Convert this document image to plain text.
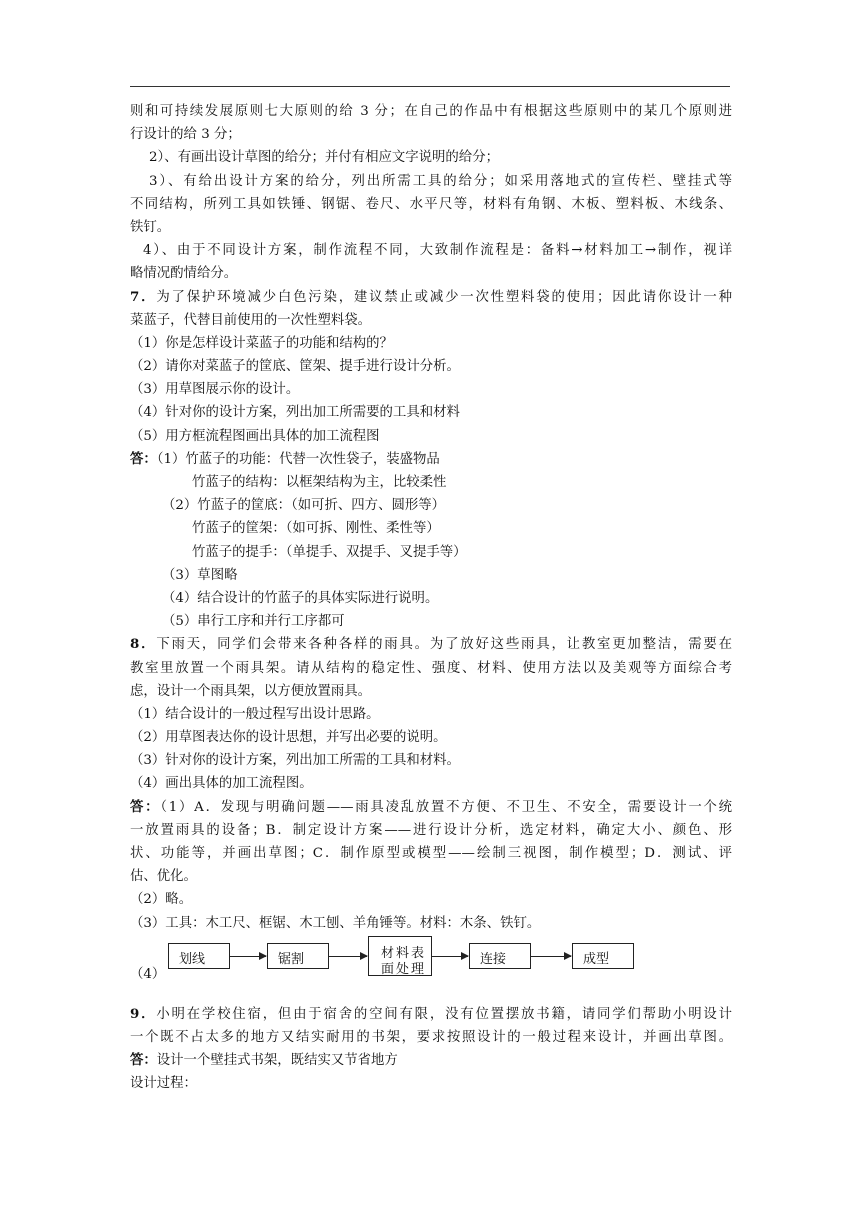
则和可持续发展原则七大原则的给 3 分；在自己的作品中有根据这些原则中的某几个原则进
行设计的给 3 分；
2）、有画出设计草图的给分；并付有相应文字说明的给分；
3）、有给出设计方案的给分，列出所需工具的给分；如采用落地式的宣传栏、壁挂式等
不同结构，所列工具如铁锤、钢锯、卷尺、水平尺等，材料有角钢、木板、塑料板、木线条、
铁钉。
4）、由于不同设计方案，制作流程不同，大致制作流程是：备料→材料加工→制作，视详
略情况酌情给分。
7．为了保护环境减少白色污染，建议禁止或减少一次性塑料袋的使用；因此请你设计一种
菜蓝子，代替目前使用的一次性塑料袋。
（1）你是怎样设计菜蓝子的功能和结构的？
（2）请你对菜蓝子的筐底、筐架、提手进行设计分析。
（3）用草图展示你的设计。
（4）针对你的设计方案，列出加工所需要的工具和材料
（5）用方框流程图画出具体的加工流程图
答：（1）竹蓝子的功能：代替一次性袋子，装盛物品
竹蓝子的结构：以框架结构为主，比较柔性
（2）竹蓝子的筐底：（如可折、四方、圆形等）
竹蓝子的筐架：（如可拆、刚性、柔性等）
竹蓝子的提手：（单提手、双提手、叉提手等）
（3）草图略
（4）结合设计的竹蓝子的具体实际进行说明。
（5）串行工序和并行工序都可
8．下雨天，同学们会带来各种各样的雨具。为了放好这些雨具，让教室更加整洁，需要在
教室里放置一个雨具架。请从结构的稳定性、强度、材料、使用方法以及美观等方面综合考
虑，设计一个雨具架，以方便放置雨具。
（1）结合设计的一般过程写出设计思路。
（2）用草图表达你的设计思想，并写出必要的说明。
（3）针对你的设计方案，列出加工所需的工具和材料。
（4）画出具体的加工流程图。
答：（1）A．发现与明确问题——雨具凌乱放置不方便、不卫生、不安全，需要设计一个统
一放置雨具的设备；B．制定设计方案——进行设计分析，选定材料，确定大小、颜色、形
状、功能等，并画出草图；C．制作原型或模型——绘制三视图，制作模型；D．测试、评
估、优化。
（2）略。
（3）工具：木工尺、框锯、木工刨、羊角锤等。材料：木条、铁钉。
划线	锯割	材料表面处理
连接	成型
（4）
9．小明在学校住宿，但由于宿舍的空间有限，没有位置摆放书籍，请同学们帮助小明设计
一个既不占太多的地方又结实耐用的书架，要求按照设计的一般过程来设计，并画出草图。
答：设计一个壁挂式书架，既结实又节省地方
设计过程：
